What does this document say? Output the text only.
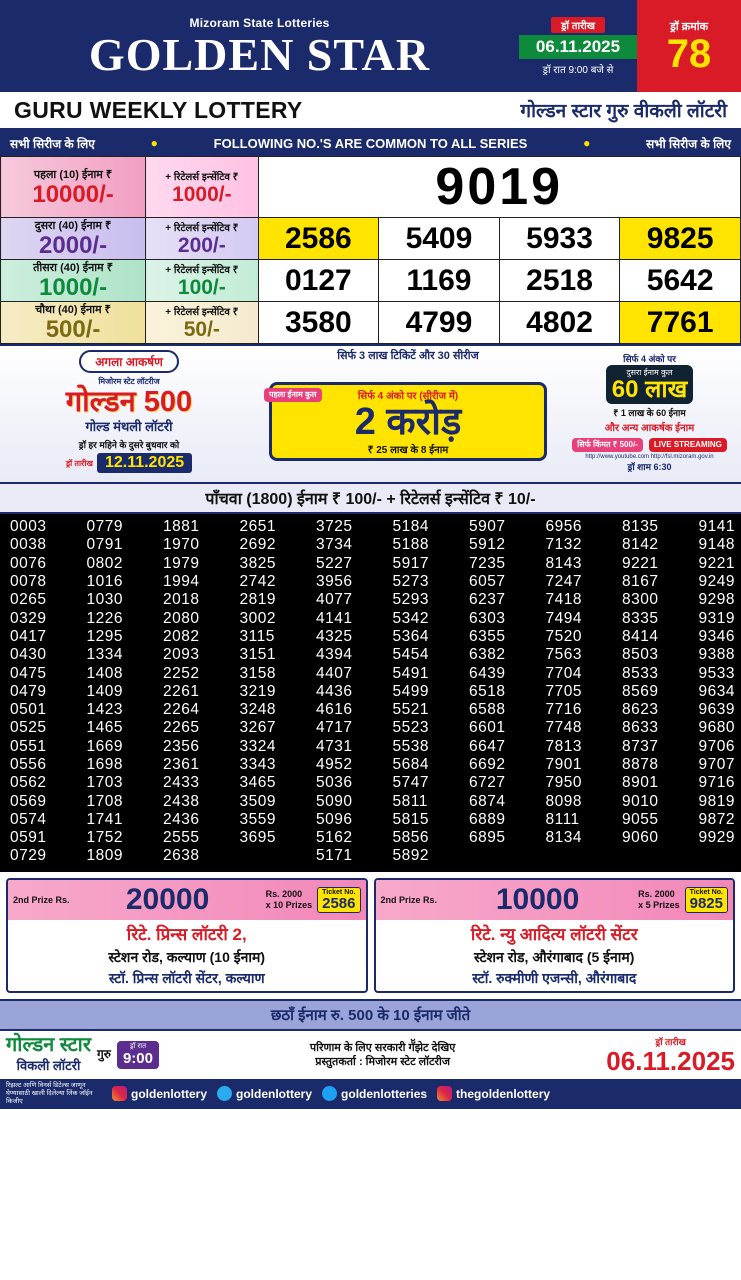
Mizoram State Lotteries
GOLDEN STAR
ड्रॉ तारीख
06.11.2025
ड्रॉ रात 9:00 बजे से
ड्रॉ क्रमांक
78
GURU WEEKLY LOTTERY	गोल्डन स्टार गुरु वीकली लॉटरी
सभी सिरीज के लिए	●	FOLLOWING NO.'S ARE COMMON TO ALL SERIES	●	सभी सिरीज के लिए
पहला (10) ईनाम ₹
10000/-

+ रिटेलर्स इन्सेंटिव ₹
1000/-	9019

दुसरा (40) ईनाम ₹
2000/-

+ रिटेलर्स इन्सेंटिव ₹
200/-	2586	5409	5933	9825

तीसरा (40) ईनाम ₹
1000/-

+ रिटेलर्स इन्सेंटिव ₹
100/-	0127	1169	2518	5642

चौथा (40) ईनाम ₹
500/-

+ रिटेलर्स इन्सेंटिव ₹
50/-	3580	4799	4802	7761
अगला आकर्षण
मिजोरम स्टेट लॉटरीज
गोल्डन 500
गोल्ड मंथली लॉटरी
ड्रॉ हर महिने के दुसरे बुधवार को
ड्रॉ तारीख 12.11.2025
सिर्फ 3 लाख टिकिटें और 30 सीरीज
पहला ईनाम कुल	सिर्फ 4 अंको पर (सीरीज में)
2 करोड़
₹ 25 लाख के 8 ईनाम
सिर्फ 4 अंको पर
दुसरा ईनाम कुल
60 लाख
₹ 1 लाख के 60 ईनाम
और अन्य आकर्षक ईनाम
सिर्फ किंमत ₹ 500/-	LIVE STREAMING
http://www.youtube.com http://fsl.mizoram.gov.in
ड्रॉ शाम 6:30
पाँचवा (1800) ईनाम ₹ 100/- + रिटेलर्स इन्सेंटिव ₹ 10/-
0003	0779	1881	2651	3725	5184	5907	6956	8135	9141
0038	0791	1970	2692	3734	5188	5912	7132	8142	9148
0076	0802	1979	3825	5227	5917	7235	8143	9221	9221
0078	1016	1994	2742	3956	5273	6057	7247	8167	9249
0265	1030	2018	2819	4077	5293	6237	7418	8300	9298
0329	1226	2080	3002	4141	5342	6303	7494	8335	9319
0417	1295	2082	3115	4325	5364	6355	7520	8414	9346
0430	1334	2093	3151	4394	5454	6382	7563	8503	9388
0475	1408	2252	3158	4407	5491	6439	7704	8533	9533
0479	1409	2261	3219	4436	5499	6518	7705	8569	9634
0501	1423	2264	3248	4616	5521	6588	7716	8623	9639
0525	1465	2265	3267	4717	5523	6601	7748	8633	9680
0551	1669	2356	3324	4731	5538	6647	7813	8737	9706
0556	1698	2361	3343	4952	5684	6692	7901	8878	9707
0562	1703	2433	3465	5036	5747	6727	7950	8901	9716
0569	1708	2438	3509	5090	5811	6874	8098	9010	9819
0574	1741	2436	3559	5096	5815	6889	8111	9055	9872
0591	1752	2555	3695	5162	5856	6895	8134	9060	9929
0729	1809	2638		5171	5892				
2nd Prize Rs.	20000	Rs. 2000
x 10 Prizes
Ticket No.
2586
रिटे. प्रिन्स लॉटरी 2,
स्टेशन रोड, कल्याण (10 ईनाम)
स्टॉ. प्रिन्स लॉटरी सेंटर, कल्याण
2nd Prize Rs.	10000	Rs. 2000
x 5 Prizes
Ticket No.
9825
रिटे. न्यु आदित्य लॉटरी सेंटर
स्टेशन रोड, औरंगाबाद (5 ईनाम)
स्टॉ. रुक्मीणी एजन्सी, औरंगाबाद
छठाँ ईनाम रु. 500 के 10 ईनाम जीते
गोल्डन स्टार
विकली लॉटरी
गुरु
ड्रॉ रात
9:00
परिणाम के लिए सरकारी गॅॅझेट देखिए
प्रस्तुतकर्ता : मिजोरम स्टेट लॉटरीज
ड्रॉ तारीख
06.11.2025
रिझल्ट आणि विनर्स डिटेल्स जाणून घेण्यासाठी खाली दिलेल्या लिंक जॉईन किजीए
goldenlottery goldenlottery goldenlotteries thegoldenlottery
